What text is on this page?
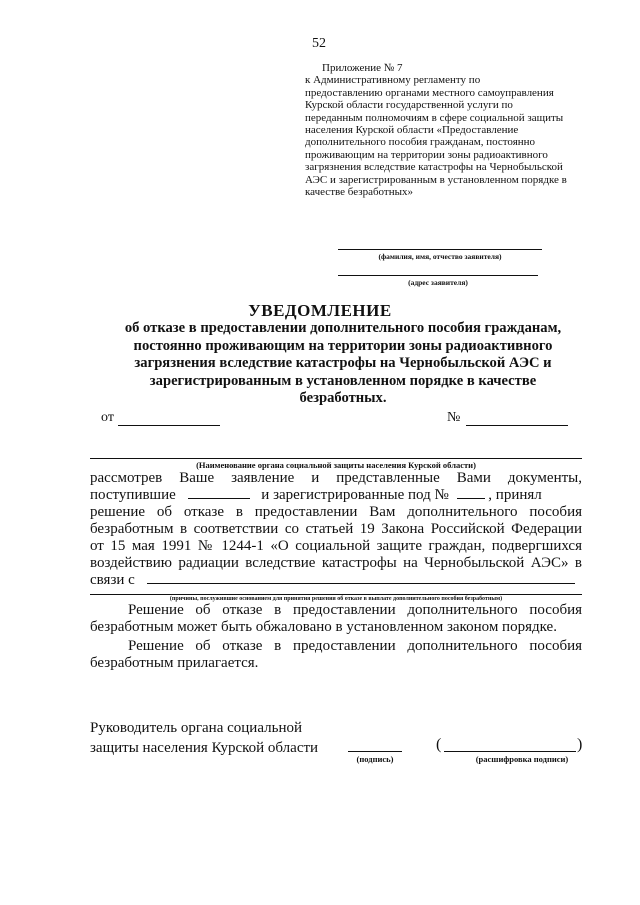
52
Приложение № 7
к Административному регламенту по
предоставлению органами местного самоуправления
Курской области государственной услуги по
переданным полномочиям в сфере социальной защиты
населения Курской области «Предоставление
дополнительного пособия гражданам, постоянно
проживающим на территории зоны радиоактивного
загрязнения вследствие катастрофы на Чернобыльской
АЭС и зарегистрированным в установленном порядке в
качестве безработных»
(фамилия, имя, отчество заявителя)
(адрес заявителя)
УВЕДОМЛЕНИЕ
об отказе в предоставлении дополнительного пособия гражданам,
постоянно проживающим на территории зоны радиоактивного
загрязнения вследствие катастрофы на Чернобыльской АЭС и
зарегистрированным в установленном порядке в качестве
безработных.
от	№
(Наименование органа социальной защиты населения Курской области)
рассмотрев Ваше заявление и представленные Вами документы,
поступившие	и зарегистрированные под №	, принял
решение об отказе в предоставлении Вам дополнительного пособия
безработным в соответствии со статьей 19 Закона Российской Федерации
от 15 мая 1991 № 1244-1 «О социальной защите граждан, подвергшихся
воздействию радиации вследствие катастрофы на Чернобыльской АЭС» в
связи с
(причины, послужившие основанием для принятия решения об отказе в выплате дополнительного пособия безработным)
Решение об отказе в предоставлении дополнительного пособия
безработным может быть обжаловано в установленном законом порядке.
Решение об отказе в предоставлении дополнительного пособия
безработным прилагается.
Руководитель органа социальной
защиты населения Курской области
(подпись)
(	)
(расшифровка подписи)
